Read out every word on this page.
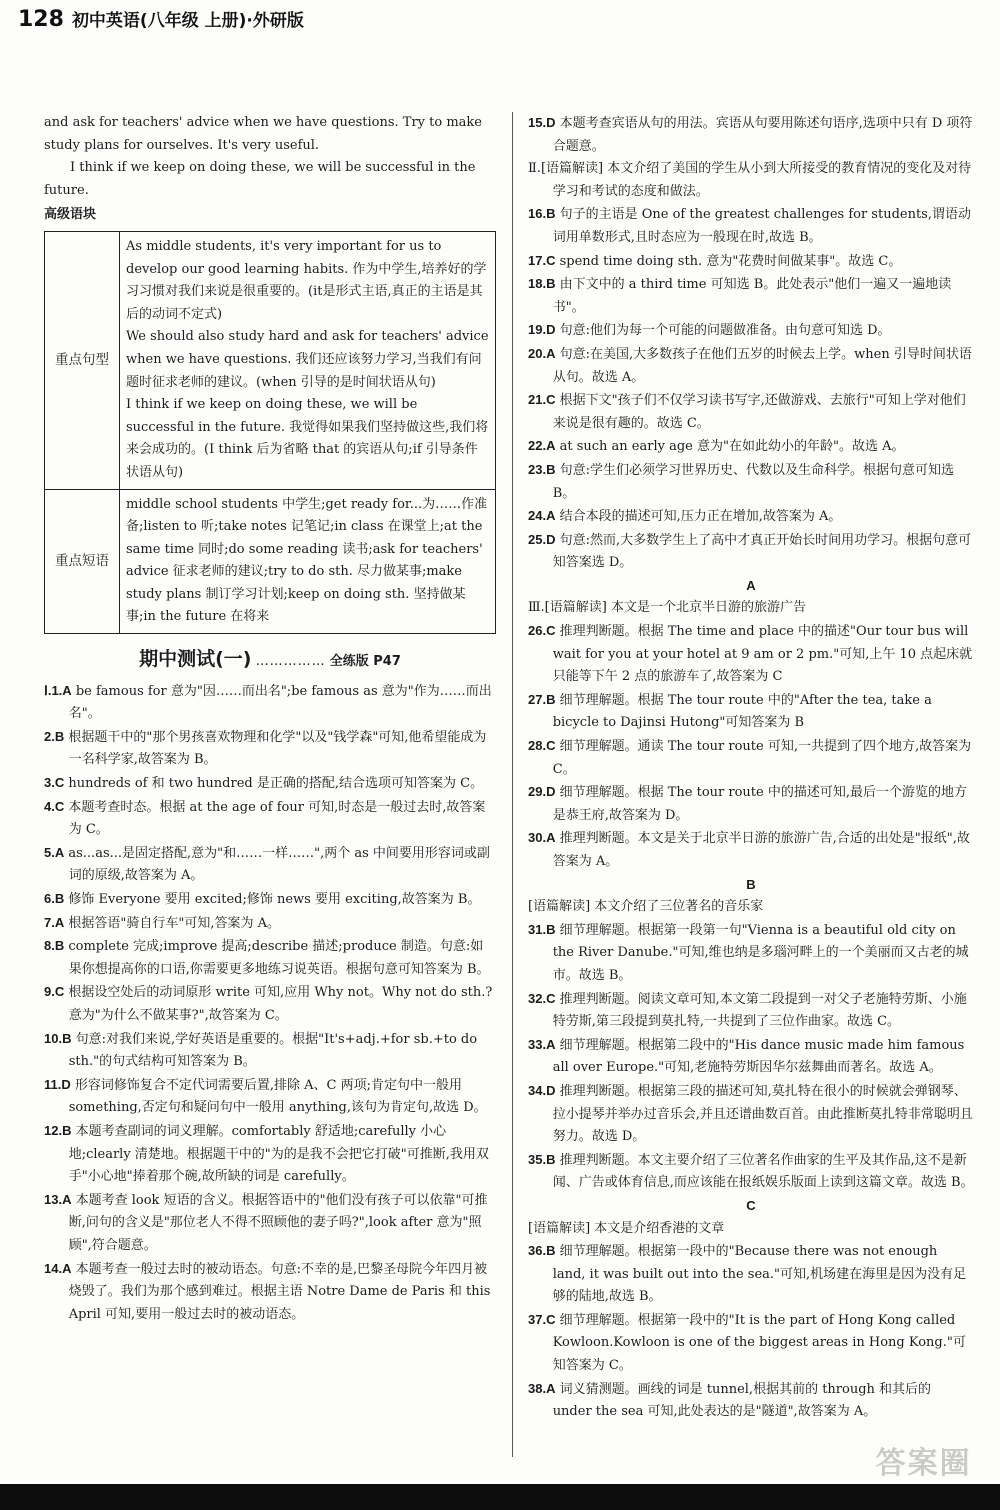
128 初中英语(八年级 上册)·外研版

and ask for teachers' advice when we have questions. Try to make study plans for ourselves. It's very useful.

I think if we keep on doing these, we will be successful in the future.

高级语块
重点句型	As middle students, it's very important for us to develop our good learning habits. 作为中学生,培养好的学习习惯对我们来说是很重要的。(it是形式主语,真正的主语是其后的动词不定式)
We should also study hard and ask for teachers' advice when we have questions. 我们还应该努力学习,当我们有问题时征求老师的建议。(when 引导的是时间状语从句)
I think if we keep on doing these, we will be successful in the future. 我觉得如果我们坚持做这些,我们将来会成功的。(I think 后为省略 that 的宾语从句;if 引导条件状语从句)

重点短语	middle school students 中学生;get ready for...为……作准备;listen to 听;take notes 记笔记;in class 在课堂上;at the same time 同时;do some reading 读书;ask for teachers' advice 征求老师的建议;try to do sth. 尽力做某事;make study plans 制订学习计划;keep on doing sth. 坚持做某事;in the future 在将来
期中测试(一) …………… 全练版 P47

Ⅰ.1.A be famous for 意为"因……而出名";be famous as 意为"作为……而出名"。

2.B 根据题干中的"那个男孩喜欢物理和化学"以及"钱学森"可知,他希望能成为一名科学家,故答案为 B。

3.C hundreds of 和 two hundred 是正确的搭配,结合选项可知答案为 C。

4.C 本题考查时态。根据 at the age of four 可知,时态是一般过去时,故答案为 C。

5.A as...as...是固定搭配,意为"和……一样……",两个 as 中间要用形容词或副词的原级,故答案为 A。

6.B 修饰 Everyone 要用 excited;修饰 news 要用 exciting,故答案为 B。

7.A 根据答语"骑自行车"可知,答案为 A。

8.B complete 完成;improve 提高;describe 描述;produce 制造。句意:如果你想提高你的口语,你需要更多地练习说英语。根据句意可知答案为 B。

9.C 根据设空处后的动词原形 write 可知,应用 Why not。Why not do sth.? 意为"为什么不做某事?",故答案为 C。

10.B 句意:对我们来说,学好英语是重要的。根据"It's+adj.+for sb.+to do sth."的句式结构可知答案为 B。

11.D 形容词修饰复合不定代词需要后置,排除 A、C 两项;肯定句中一般用 something,否定句和疑问句中一般用 anything,该句为肯定句,故选 D。

12.B 本题考查副词的词义理解。comfortably 舒适地;carefully 小心地;clearly 清楚地。根据题干中的"为的是我不会把它打破"可推断,我用双手"小心地"捧着那个碗,故所缺的词是 carefully。

13.A 本题考查 look 短语的含义。根据答语中的"他们没有孩子可以依靠"可推断,问句的含义是"那位老人不得不照顾他的妻子吗?",look after 意为"照顾",符合题意。

14.A 本题考查一般过去时的被动语态。句意:不幸的是,巴黎圣母院今年四月被烧毁了。我们为那个感到难过。根据主语 Notre Dame de Paris 和 this April 可知,要用一般过去时的被动语态。

15.D 本题考查宾语从句的用法。宾语从句要用陈述句语序,选项中只有 D 项符合题意。

Ⅱ.[语篇解读] 本文介绍了美国的学生从小到大所接受的教育情况的变化及对待学习和考试的态度和做法。

16.B 句子的主语是 One of the greatest challenges for students,谓语动词用单数形式,且时态应为一般现在时,故选 B。

17.C spend time doing sth. 意为"花费时间做某事"。故选 C。

18.B 由下文中的 a third time 可知选 B。此处表示"他们一遍又一遍地读书"。

19.D 句意:他们为每一个可能的问题做准备。由句意可知选 D。

20.A 句意:在美国,大多数孩子在他们五岁的时候去上学。when 引导时间状语从句。故选 A。

21.C 根据下文"孩子们不仅学习读书写字,还做游戏、去旅行"可知上学对他们来说是很有趣的。故选 C。

22.A at such an early age 意为"在如此幼小的年龄"。故选 A。

23.B 句意:学生们必须学习世界历史、代数以及生命科学。根据句意可知选 B。

24.A 结合本段的描述可知,压力正在增加,故答案为 A。

25.D 句意:然而,大多数学生上了高中才真正开始长时间用功学习。根据句意可知答案选 D。

A

Ⅲ.[语篇解读] 本文是一个北京半日游的旅游广告

26.C 推理判断题。根据 The time and place 中的描述"Our tour bus will wait for you at your hotel at 9 am or 2 pm."可知,上午 10 点起床就只能等下午 2 点的旅游车了,故答案为 C

27.B 细节理解题。根据 The tour route 中的"After the tea, take a bicycle to Dajinsi Hutong"可知答案为 B

28.C 细节理解题。通读 The tour route 可知,一共提到了四个地方,故答案为 C。

29.D 细节理解题。根据 The tour route 中的描述可知,最后一个游览的地方是恭王府,故答案为 D。

30.A 推理判断题。本文是关于北京半日游的旅游广告,合适的出处是"报纸",故答案为 A。

B

[语篇解读] 本文介绍了三位著名的音乐家

31.B 细节理解题。根据第一段第一句"Vienna is a beautiful old city on the River Danube."可知,维也纳是多瑙河畔上的一个美丽而又古老的城市。故选 B。

32.C 推理判断题。阅读文章可知,本文第二段提到一对父子老施特劳斯、小施特劳斯,第三段提到莫扎特,一共提到了三位作曲家。故选 C。

33.A 细节理解题。根据第二段中的"His dance music made him famous all over Europe."可知,老施特劳斯因华尔兹舞曲而著名。故选 A。

34.D 推理判断题。根据第三段的描述可知,莫扎特在很小的时候就会弹钢琴、拉小提琴并举办过音乐会,并且还谱曲数百首。由此推断莫扎特非常聪明且努力。故选 D。

35.B 推理判断题。本文主要介绍了三位著名作曲家的生平及其作品,这不是新闻、广告或体育信息,而应该能在报纸娱乐版面上读到这篇文章。故选 B。

C

[语篇解读] 本文是介绍香港的文章

36.B 细节理解题。根据第一段中的"Because there was not enough land, it was built out into the sea."可知,机场建在海里是因为没有足够的陆地,故选 B。

37.C 细节理解题。根据第一段中的"It is the part of Hong Kong called Kowloon.Kowloon is one of the biggest areas in Hong Kong."可知答案为 C。

38.A 词义猜测题。画线的词是 tunnel,根据其前的 through 和其后的 under the sea 可知,此处表达的是"隧道",故答案为 A。

答案圈
